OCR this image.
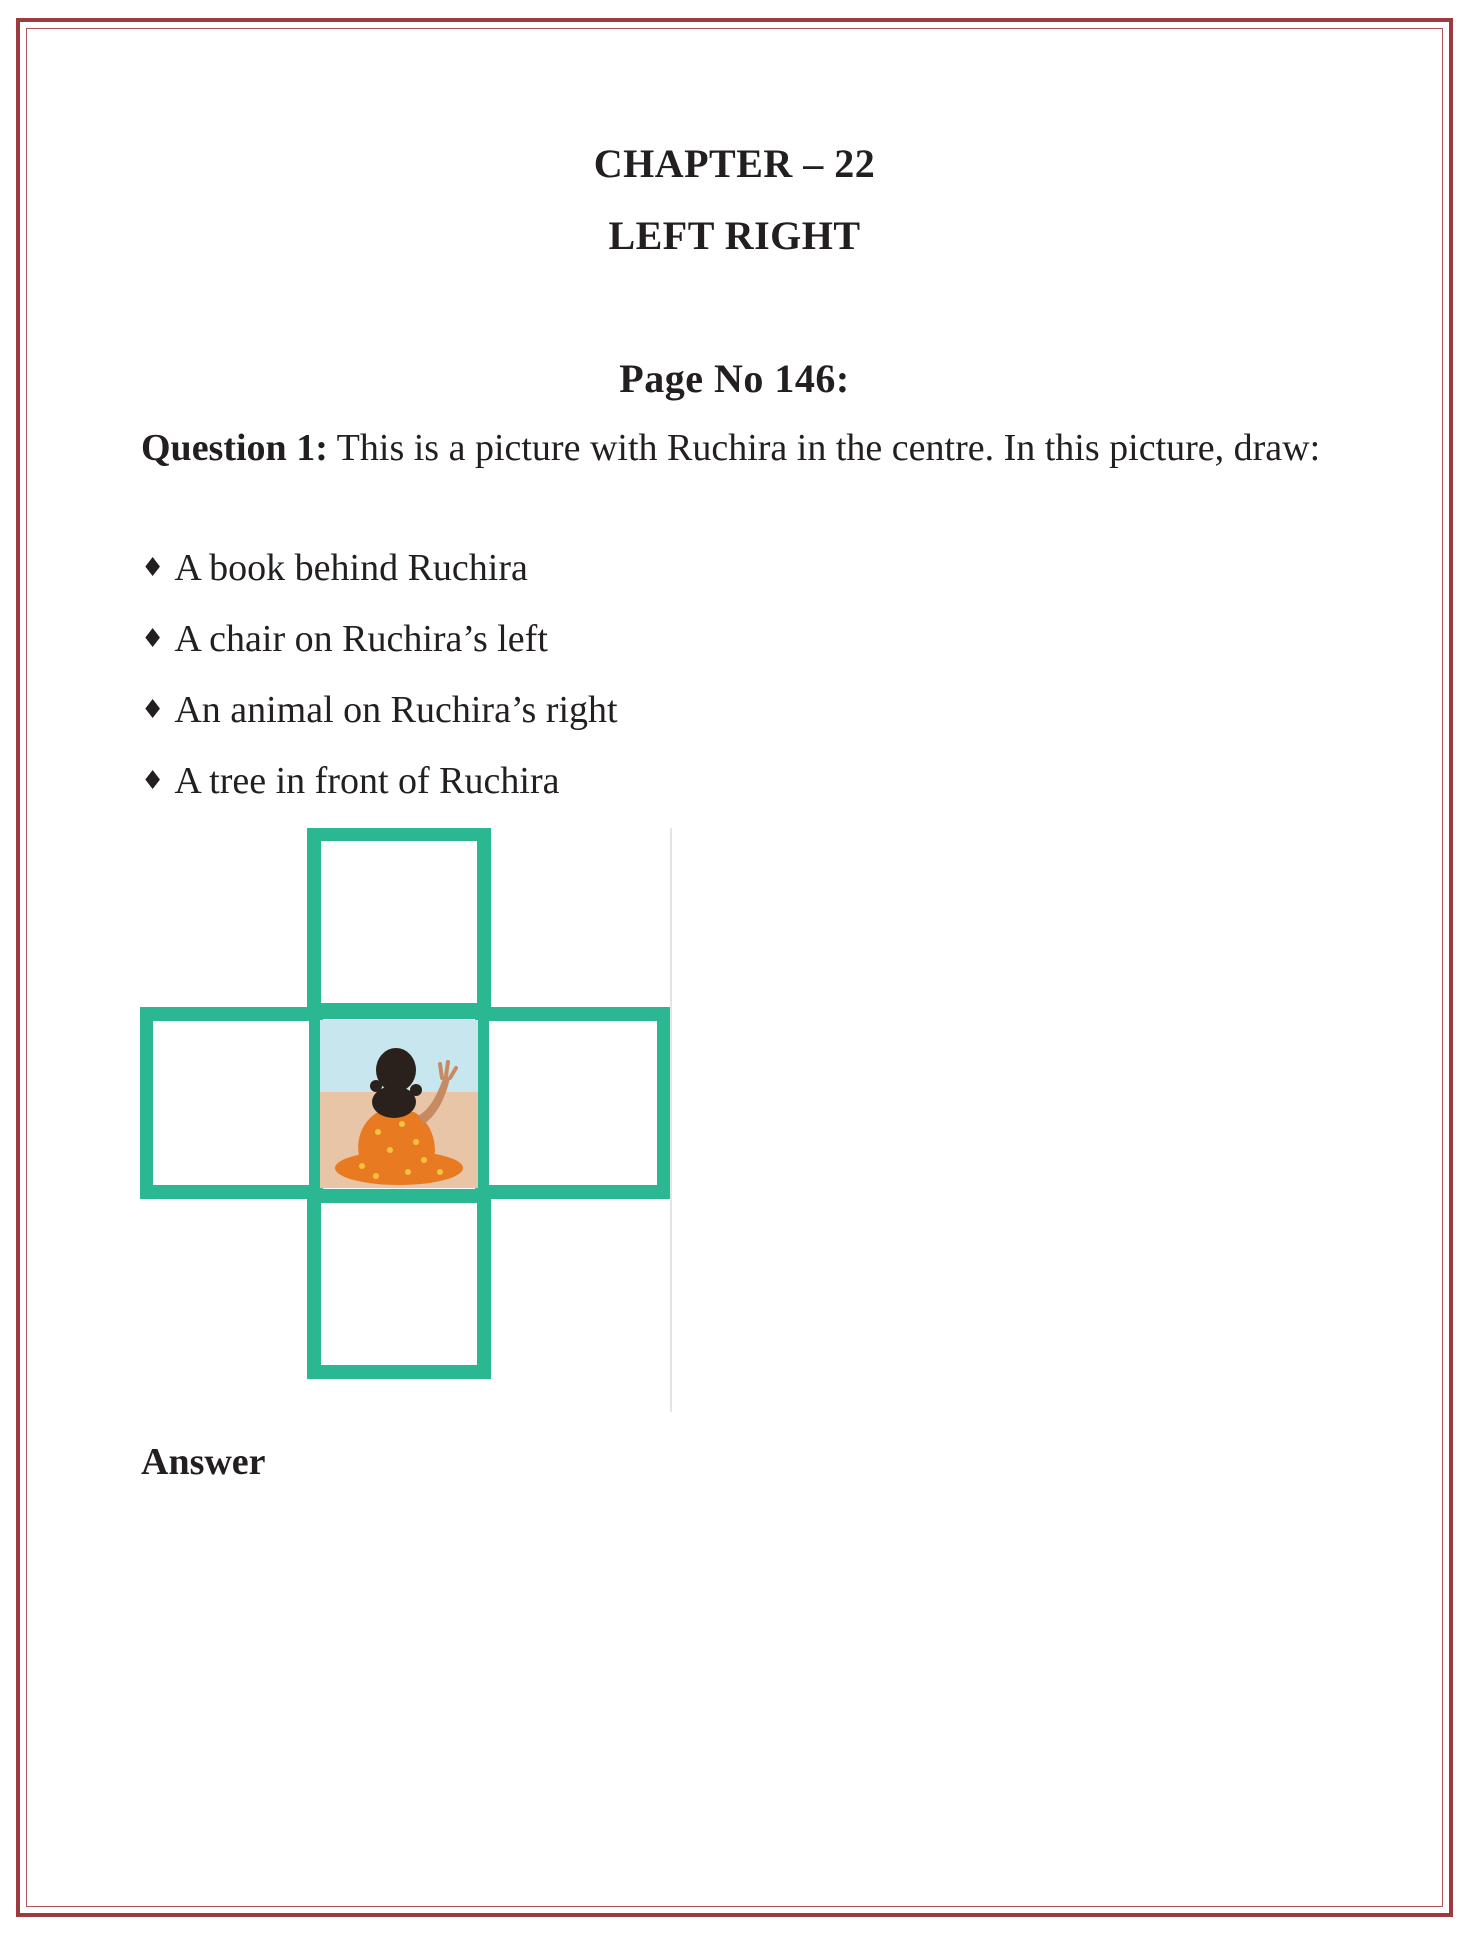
CHAPTER – 22
LEFT RIGHT
Page No 146:
Question 1: This is a picture with Ruchira in the centre. In this picture, draw:
♦ A book behind Ruchira
♦ A chair on Ruchira’s left
♦ An animal on Ruchira’s right
♦ A tree in front of Ruchira
Answer
